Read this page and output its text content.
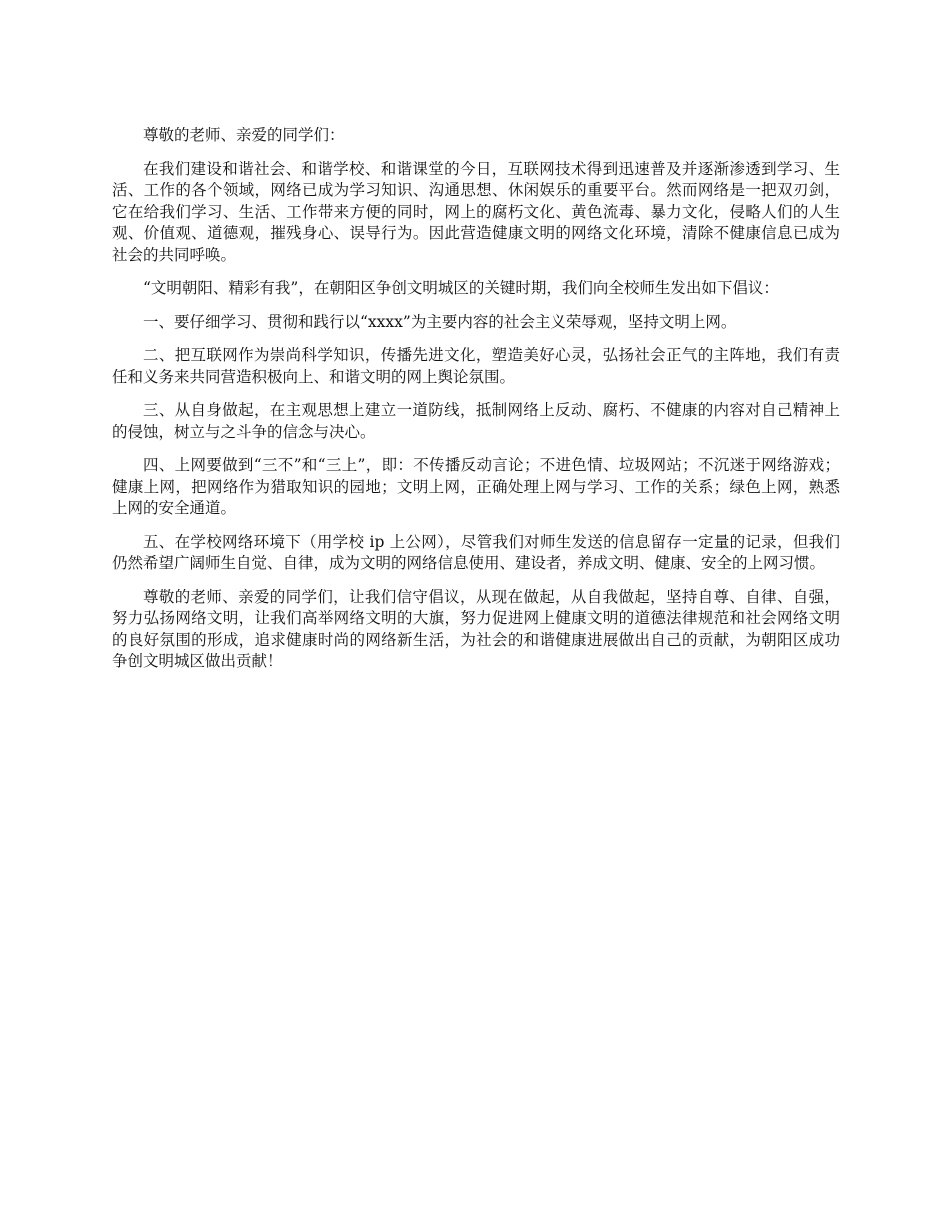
尊敬的老师、亲爱的同学们：

在我们建设和谐社会、和谐学校、和谐课堂的今日，互联网技术得到迅速普及并逐渐渗透到学习、生活、工作的各个领域，网络已成为学习知识、沟通思想、休闲娱乐的重要平台。然而网络是一把双刃剑，它在给我们学习、生活、工作带来方便的同时，网上的腐朽文化、黄色流毒、暴力文化，侵略人们的人生观、价值观、道德观，摧残身心、误导行为。因此营造健康文明的网络文化环境，清除不健康信息已成为社会的共同呼唤。

“文明朝阳、精彩有我”，在朝阳区争创文明城区的关键时期，我们向全校师生发出如下倡议：

一、要仔细学习、贯彻和践行以“xxxx”为主要内容的社会主义荣辱观，坚持文明上网。

二、把互联网作为崇尚科学知识，传播先进文化，塑造美好心灵，弘扬社会正气的主阵地，我们有责任和义务来共同营造积极向上、和谐文明的网上舆论氛围。

三、从自身做起，在主观思想上建立一道防线，抵制网络上反动、腐朽、不健康的内容对自己精神上的侵蚀，树立与之斗争的信念与决心。

四、上网要做到“三不”和“三上”，即：不传播反动言论；不进色情、垃圾网站；不沉迷于网络游戏；健康上网，把网络作为猎取知识的园地；文明上网，正确处理上网与学习、工作的关系；绿色上网，熟悉上网的安全通道。

五、在学校网络环境下（用学校 ip 上公网），尽管我们对师生发送的信息留存一定量的记录，但我们仍然希望广阔师生自觉、自律，成为文明的网络信息使用、建设者，养成文明、健康、安全的上网习惯。

尊敬的老师、亲爱的同学们，让我们信守倡议，从现在做起，从自我做起，坚持自尊、自律、自强，努力弘扬网络文明，让我们高举网络文明的大旗，努力促进网上健康文明的道德法律规范和社会网络文明的良好氛围的形成，追求健康时尚的网络新生活，为社会的和谐健康进展做出自己的贡献，为朝阳区成功争创文明城区做出贡献！
